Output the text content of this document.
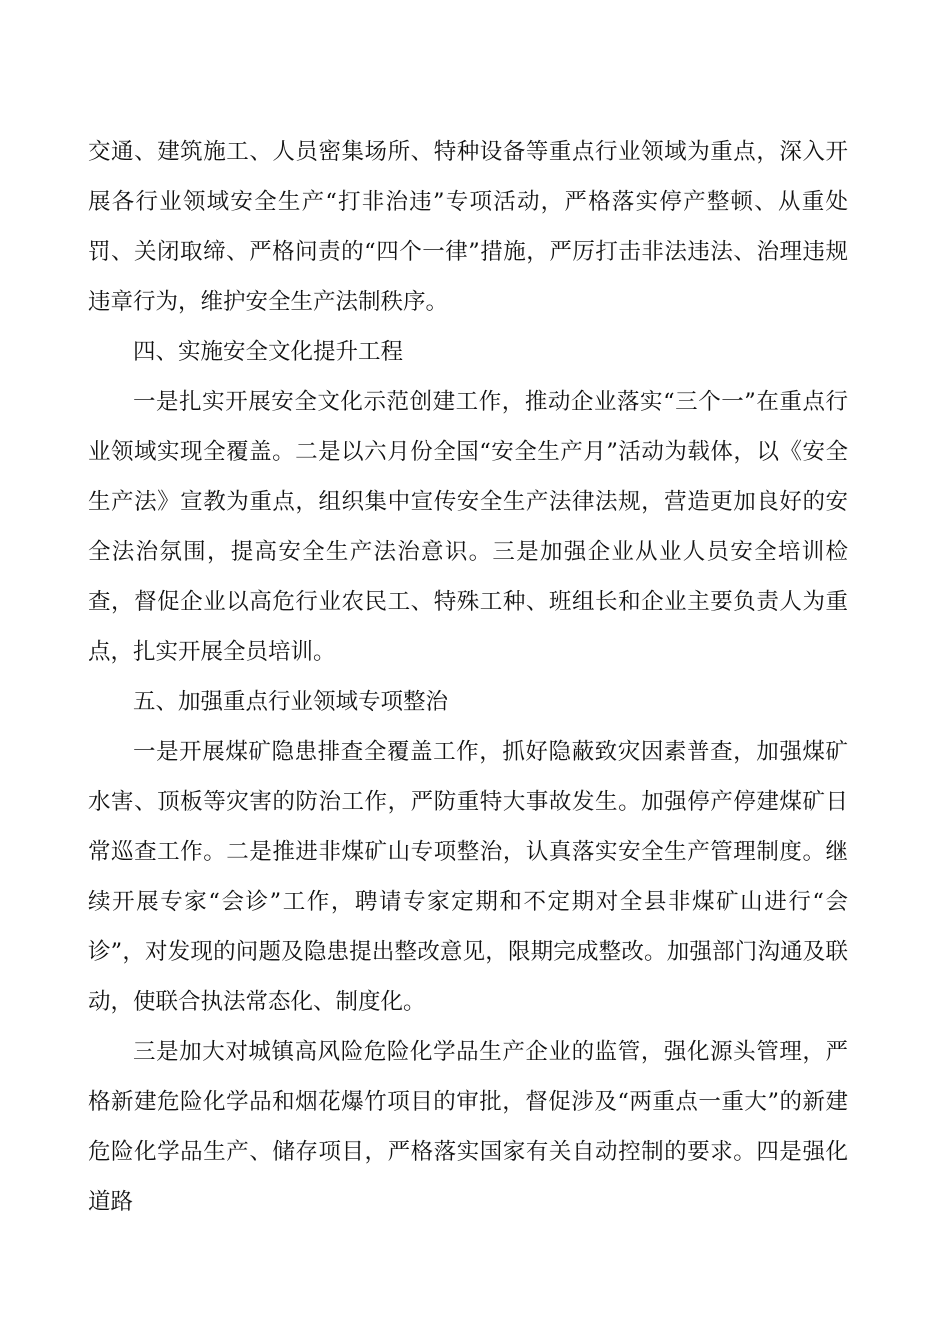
交通、建筑施工、人员密集场所、特种设备等重点行业领域为重点，深入开展各行业领域安全生产“打非治违”专项活动，严格落实停产整顿、从重处罚、关闭取缔、严格问责的“四个一律”措施，严厉打击非法违法、治理违规违章行为，维护安全生产法制秩序。

四、实施安全文化提升工程

一是扎实开展安全文化示范创建工作，推动企业落实“三个一”在重点行业领域实现全覆盖。二是以六月份全国“安全生产月”活动为载体，以《安全生产法》宣教为重点，组织集中宣传安全生产法律法规，营造更加良好的安全法治氛围，提高安全生产法治意识。三是加强企业从业人员安全培训检查，督促企业以高危行业农民工、特殊工种、班组长和企业主要负责人为重点，扎实开展全员培训。

五、加强重点行业领域专项整治

一是开展煤矿隐患排查全覆盖工作，抓好隐蔽致灾因素普查，加强煤矿水害、顶板等灾害的防治工作，严防重特大事故发生。加强停产停建煤矿日常巡查工作。二是推进非煤矿山专项整治，认真落实安全生产管理制度。继续开展专家“会诊”工作，聘请专家定期和不定期对全县非煤矿山进行“会诊”，对发现的问题及隐患提出整改意见，限期完成整改。加强部门沟通及联动，使联合执法常态化、制度化。

三是加大对城镇高风险危险化学品生产企业的监管，强化源头管理，严格新建危险化学品和烟花爆竹项目的审批，督促涉及“两重点一重大”的新建危险化学品生产、储存项目，严格落实国家有关自动控制的要求。四是强化道路
